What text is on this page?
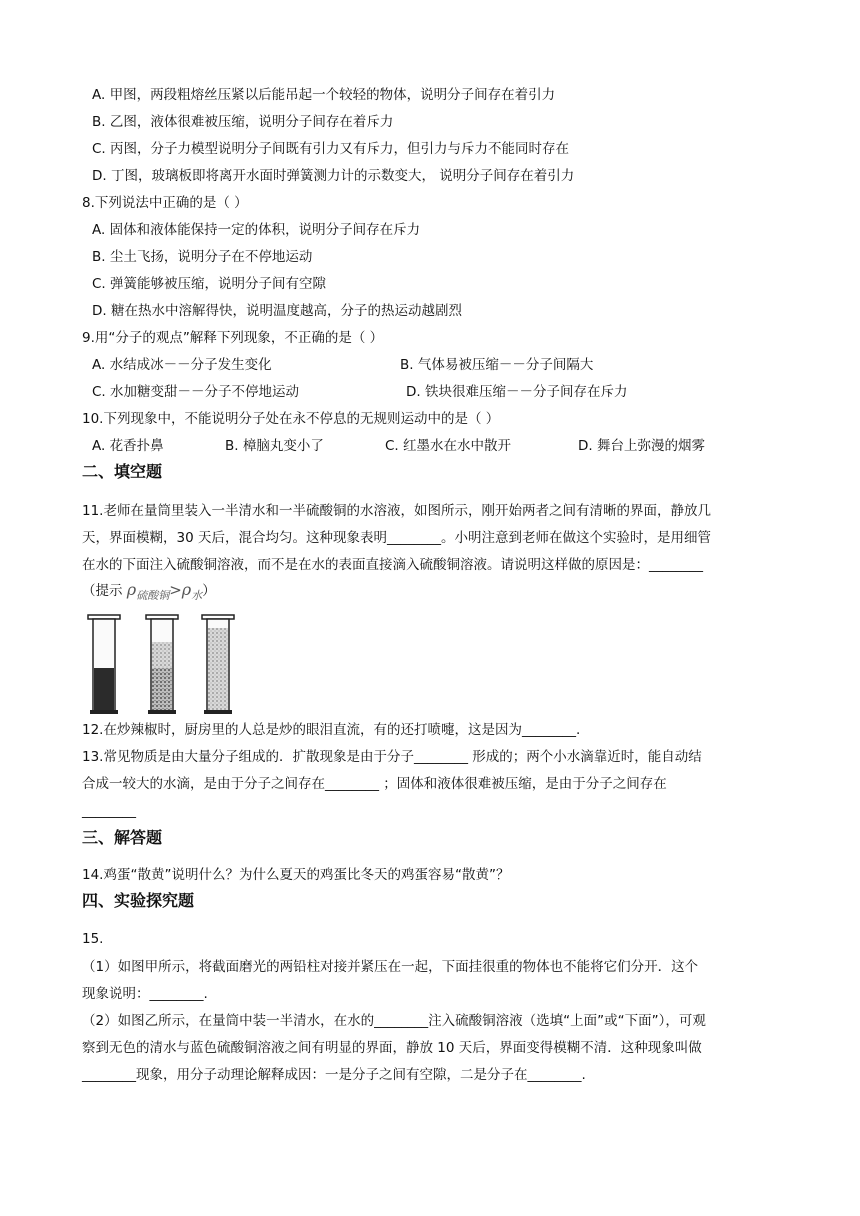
A. 甲图，两段粗熔丝压紧以后能吊起一个较轻的物体，说明分子间存在着引力
B. 乙图，液体很难被压缩，说明分子间存在着斥力
C. 丙图，分子力模型说明分子间既有引力又有斥力，但引力与斥力不能同时存在
D. 丁图，玻璃板即将离开水面时弹簧测力计的示数变大， 说明分子间存在着引力
8.下列说法中正确的是（ ）
A. 固体和液体能保持一定的体积，说明分子间存在斥力
B. 尘土飞扬，说明分子在不停地运动
C. 弹簧能够被压缩，说明分子间有空隙
D. 糖在热水中溶解得快，说明温度越高，分子的热运动越剧烈
9.用“分子的观点”解释下列现象，不正确的是（ ）
A. 水结成冰－－分子发生变化	B. 气体易被压缩－－分子间隔大
C. 水加糖变甜－－分子不停地运动	D. 铁块很难压缩－－分子间存在斥力
10.下列现象中，不能说明分子处在永不停息的无规则运动中的是（ ）
A. 花香扑鼻	B. 樟脑丸变小了	C. 红墨水在水中散开	D. 舞台上弥漫的烟雾
二、填空题
11.老师在量筒里装入一半清水和一半硫酸铜的水溶液，如图所示，刚开始两者之间有清晰的界面，静放几
天，界面模糊，30 天后，混合均匀。这种现象表明________。小明注意到老师在做这个实验时，是用细管
在水的下面注入硫酸铜溶液，而不是在水的表面直接滴入硫酸铜溶液。请说明这样做的原因是：________
（提示 $\rho_{硫酸铜}>\rho_水$）
12.在炒辣椒时，厨房里的人总是炒的眼泪直流，有的还打喷嚏，这是因为________.
13.常见物质是由大量分子组成的．扩散现象是由于分子________ 形成的；两个小水滴靠近时，能自动结
合成一较大的水滴，是由于分子之间存在________ ；固体和液体很难被压缩，是由于分子之间存在
________
三、解答题
14.鸡蛋“散黄”说明什么？为什么夏天的鸡蛋比冬天的鸡蛋容易“散黄”？
四、实验探究题
15.
（1）如图甲所示，将截面磨光的两铅柱对接并紧压在一起，下面挂很重的物体也不能将它们分开．这个
现象说明：________.
（2）如图乙所示，在量筒中装一半清水，在水的________注入硫酸铜溶液（选填“上面”或“下面”），可观
察到无色的清水与蓝色硫酸铜溶液之间有明显的界面，静放 10 天后，界面变得模糊不清．这种现象叫做
________现象，用分子动理论解释成因：一是分子之间有空隙，二是分子在________.
